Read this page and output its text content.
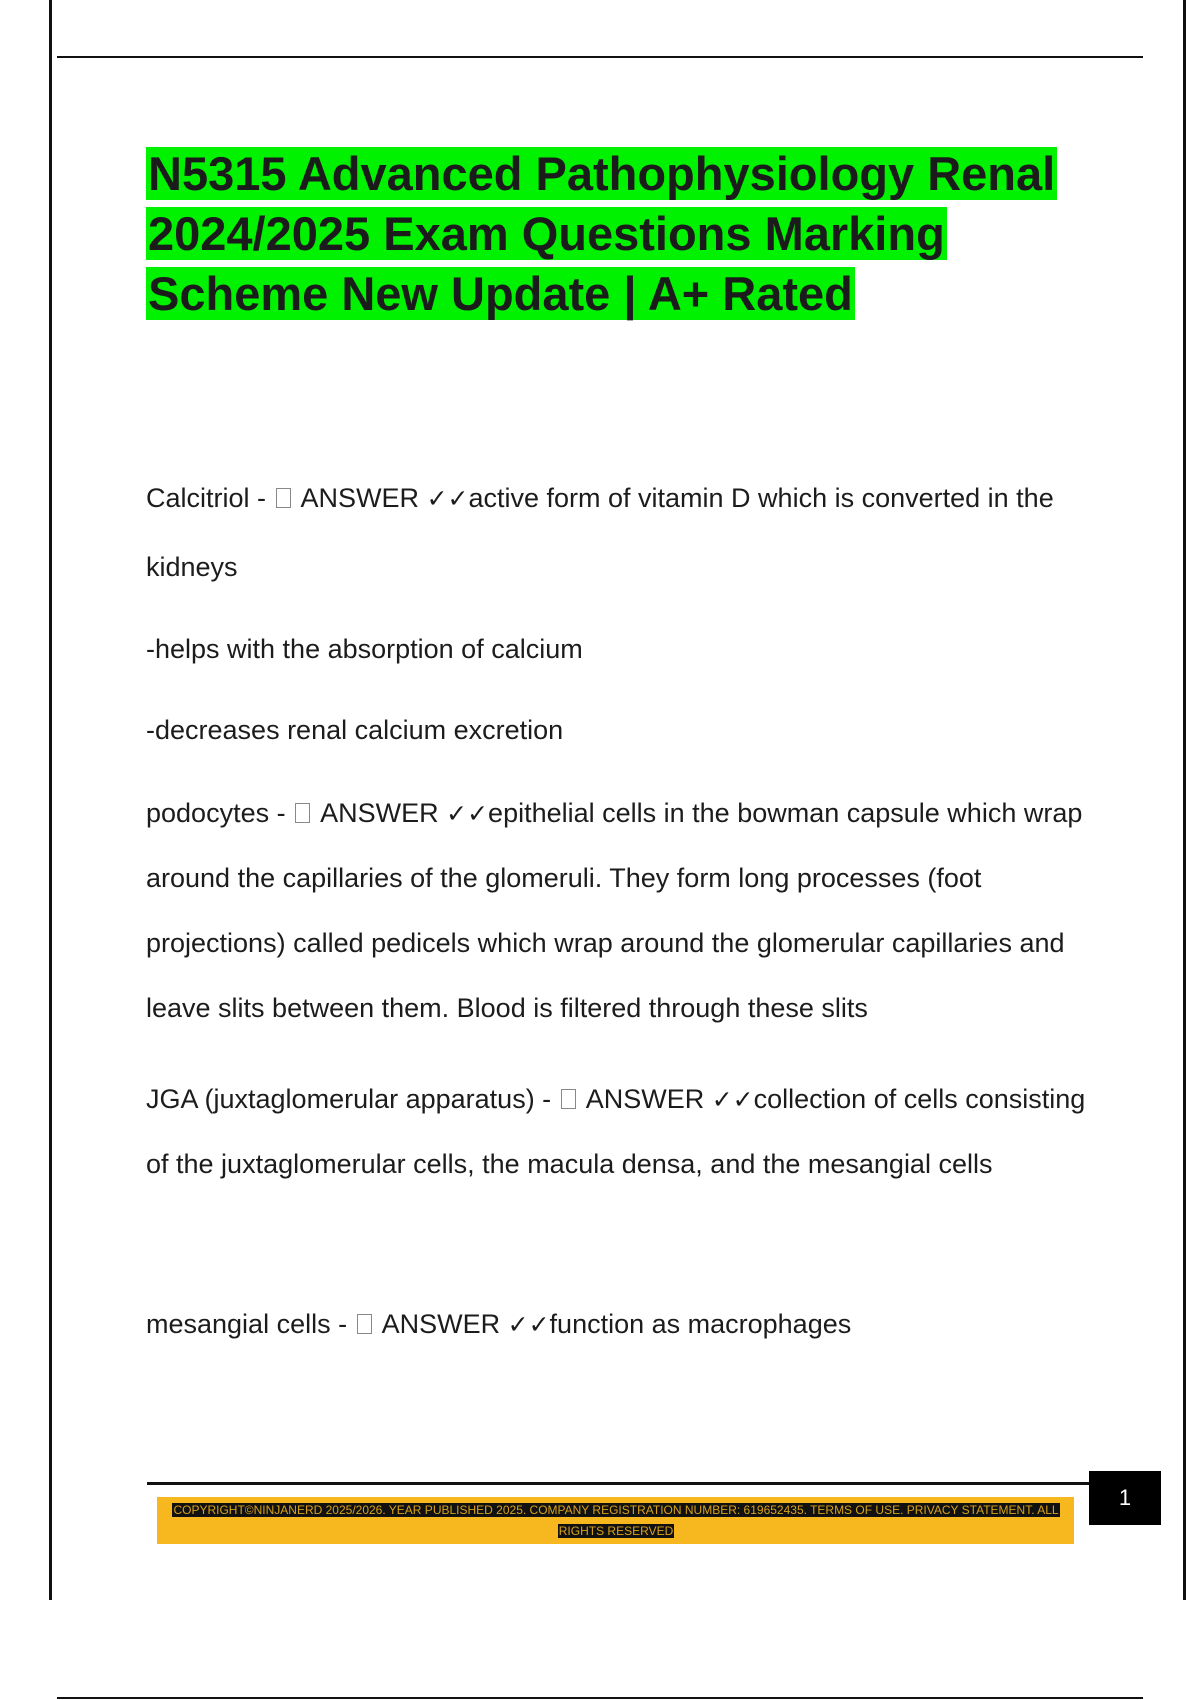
N5315 Advanced Pathophysiology Renal 2024/2025 Exam Questions Marking Scheme New Update | A+ Rated

Calcitriol - ANSWER ✓✓active form of vitamin D which is converted in the kidneys

-helps with the absorption of calcium

-decreases renal calcium excretion

podocytes - ANSWER ✓✓epithelial cells in the bowman capsule which wrap around the capillaries of the glomeruli. They form long processes (foot projections) called pedicels which wrap around the glomerular capillaries and leave slits between them. Blood is filtered through these slits

JGA (juxtaglomerular apparatus) - ANSWER ✓✓collection of cells consisting of the juxtaglomerular cells, the macula densa, and the mesangial cells

mesangial cells - ANSWER ✓✓function as macrophages

COPYRIGHT©NINJANERD 2025/2026. YEAR PUBLISHED 2025. COMPANY REGISTRATION NUMBER: 619652435. TERMS OF USE. PRIVACY STATEMENT. ALL RIGHTS RESERVED
1
